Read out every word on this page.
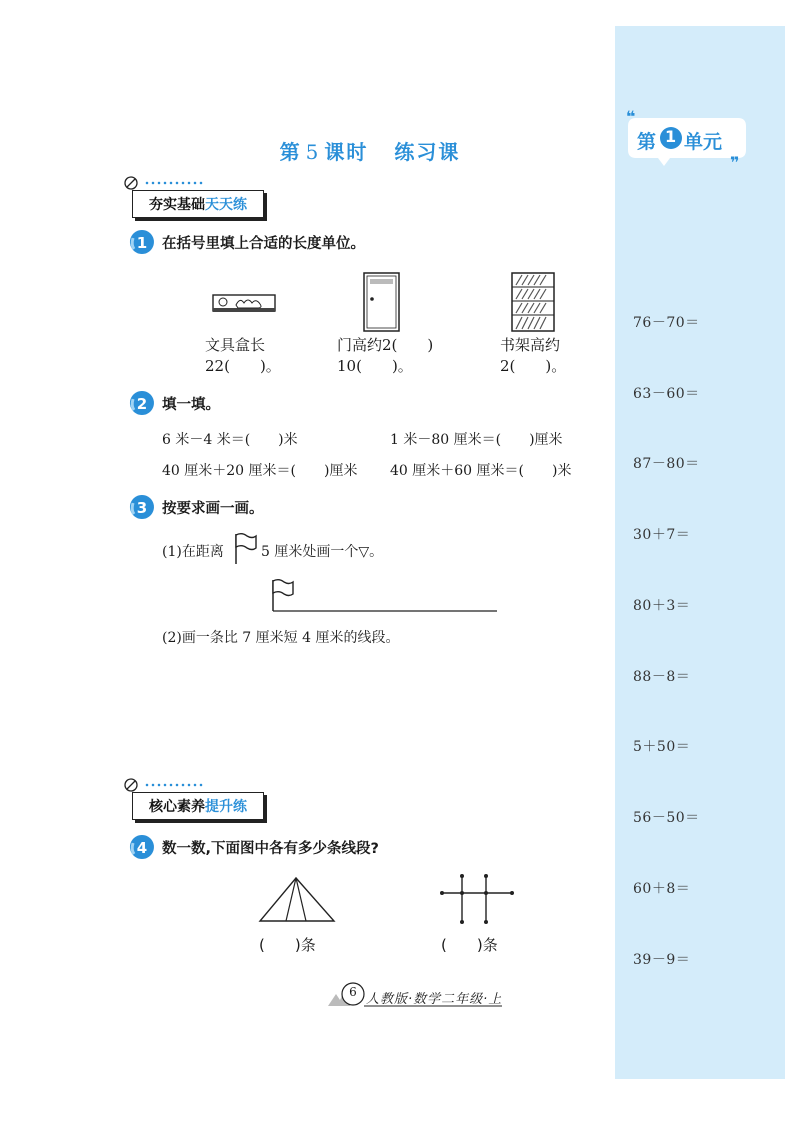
❝
❞
第 1 单元
76－70＝
63－60＝
87－80＝
30＋7＝
80＋3＝
88－8＝
5＋50＝
56－50＝
60＋8＝
39－9＝
第 5 课时 练习课
夯实基础天天练
1 在括号里填上合适的长度单位。
文具盒长
22(　　)。
门高约2(　　)
10(　　)。
书架高约
2(　　)。
2 填一填。
6 米－4 米＝(　　)米	1 米－80 厘米＝(　　)厘米
40 厘米＋20 厘米＝(　　)厘米 40 厘米＋60 厘米＝(　　)米
3 按要求画一画。
(1)在距离	5 厘米处画一个▽。
(2)画一条比 7 厘米短 4 厘米的线段。
核心素养提升练
4 数一数,下面图中各有多少条线段?
(　　)条	(　　)条
6 人教版·数学二年级·上
